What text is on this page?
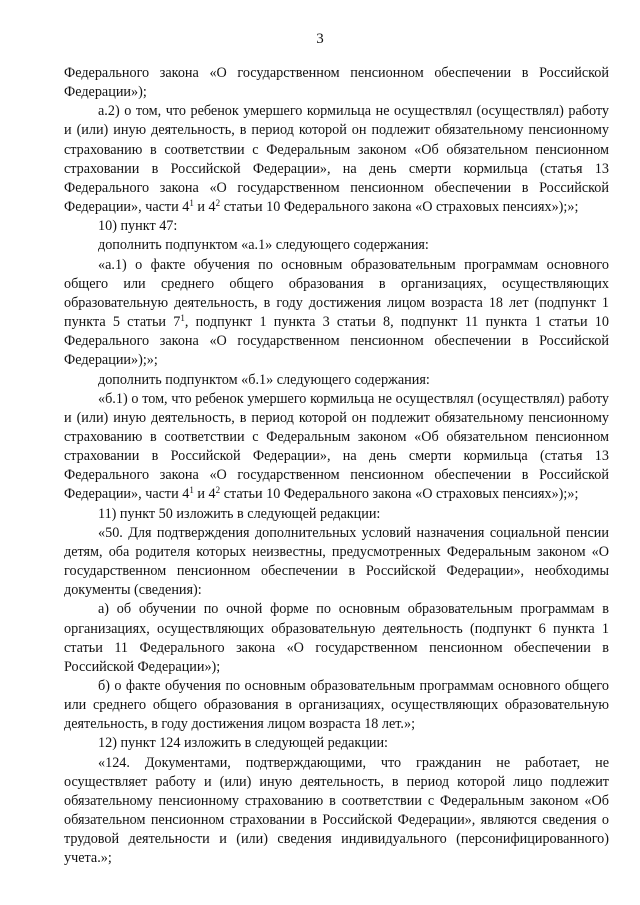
3

Федерального закона «О государственном пенсионном обеспечении в Российской Федерации»);

а.2) о том, что ребенок умершего кормильца не осуществлял (осуществлял) работу и (или) иную деятельность, в период которой он подлежит обязательному пенсионному страхованию в соответствии с Федеральным законом «Об обязательном пенсионном страховании в Российской Федерации», на день смерти кормильца (статья 13 Федерального закона «О государственном пенсионном обеспечении в Российской Федерации», части $4^1$ и $4^2$ статьи 10 Федерального закона «О страховых пенсиях»);»;

10) пункт 47:

дополнить подпунктом «а.1» следующего содержания:

«а.1) о факте обучения по основным образовательным программам основного общего или среднего общего образования в организациях, осуществляющих образовательную деятельность, в году достижения лицом возраста 18 лет (подпункт 1 пункта 5 статьи $7^1$, подпункт 1 пункта 3 статьи 8, подпункт 11 пункта 1 статьи 10 Федерального закона «О государственном пенсионном обеспечении в Российской Федерации»);»;

дополнить подпунктом «б.1» следующего содержания:

«б.1) о том, что ребенок умершего кормильца не осуществлял (осуществлял) работу и (или) иную деятельность, в период которой он подлежит обязательному пенсионному страхованию в соответствии с Федеральным законом «Об обязательном пенсионном страховании в Российской Федерации», на день смерти кормильца (статья 13 Федерального закона «О государственном пенсионном обеспечении в Российской Федерации», части $4^1$ и $4^2$ статьи 10 Федерального закона «О страховых пенсиях»);»;

11) пункт 50 изложить в следующей редакции:

«50. Для подтверждения дополнительных условий назначения социальной пенсии детям, оба родителя которых неизвестны, предусмотренных Федеральным законом «О государственном пенсионном обеспечении в Российской Федерации», необходимы документы (сведения):

а) об обучении по очной форме по основным образовательным программам в организациях, осуществляющих образовательную деятельность (подпункт 6 пункта 1 статьи 11 Федерального закона «О государственном пенсионном обеспечении в Российской Федерации»);

б) о факте обучения по основным образовательным программам основного общего или среднего общего образования в организациях, осуществляющих образовательную деятельность, в году достижения лицом возраста 18 лет.»;

12) пункт 124 изложить в следующей редакции:

«124. Документами, подтверждающими, что гражданин не работает, не осуществляет работу и (или) иную деятельность, в период которой лицо подлежит обязательному пенсионному страхованию в соответствии с Федеральным законом «Об обязательном пенсионном страховании в Российской Федерации», являются сведения о трудовой деятельности и (или) сведения индивидуального (персонифицированного) учета.»;
